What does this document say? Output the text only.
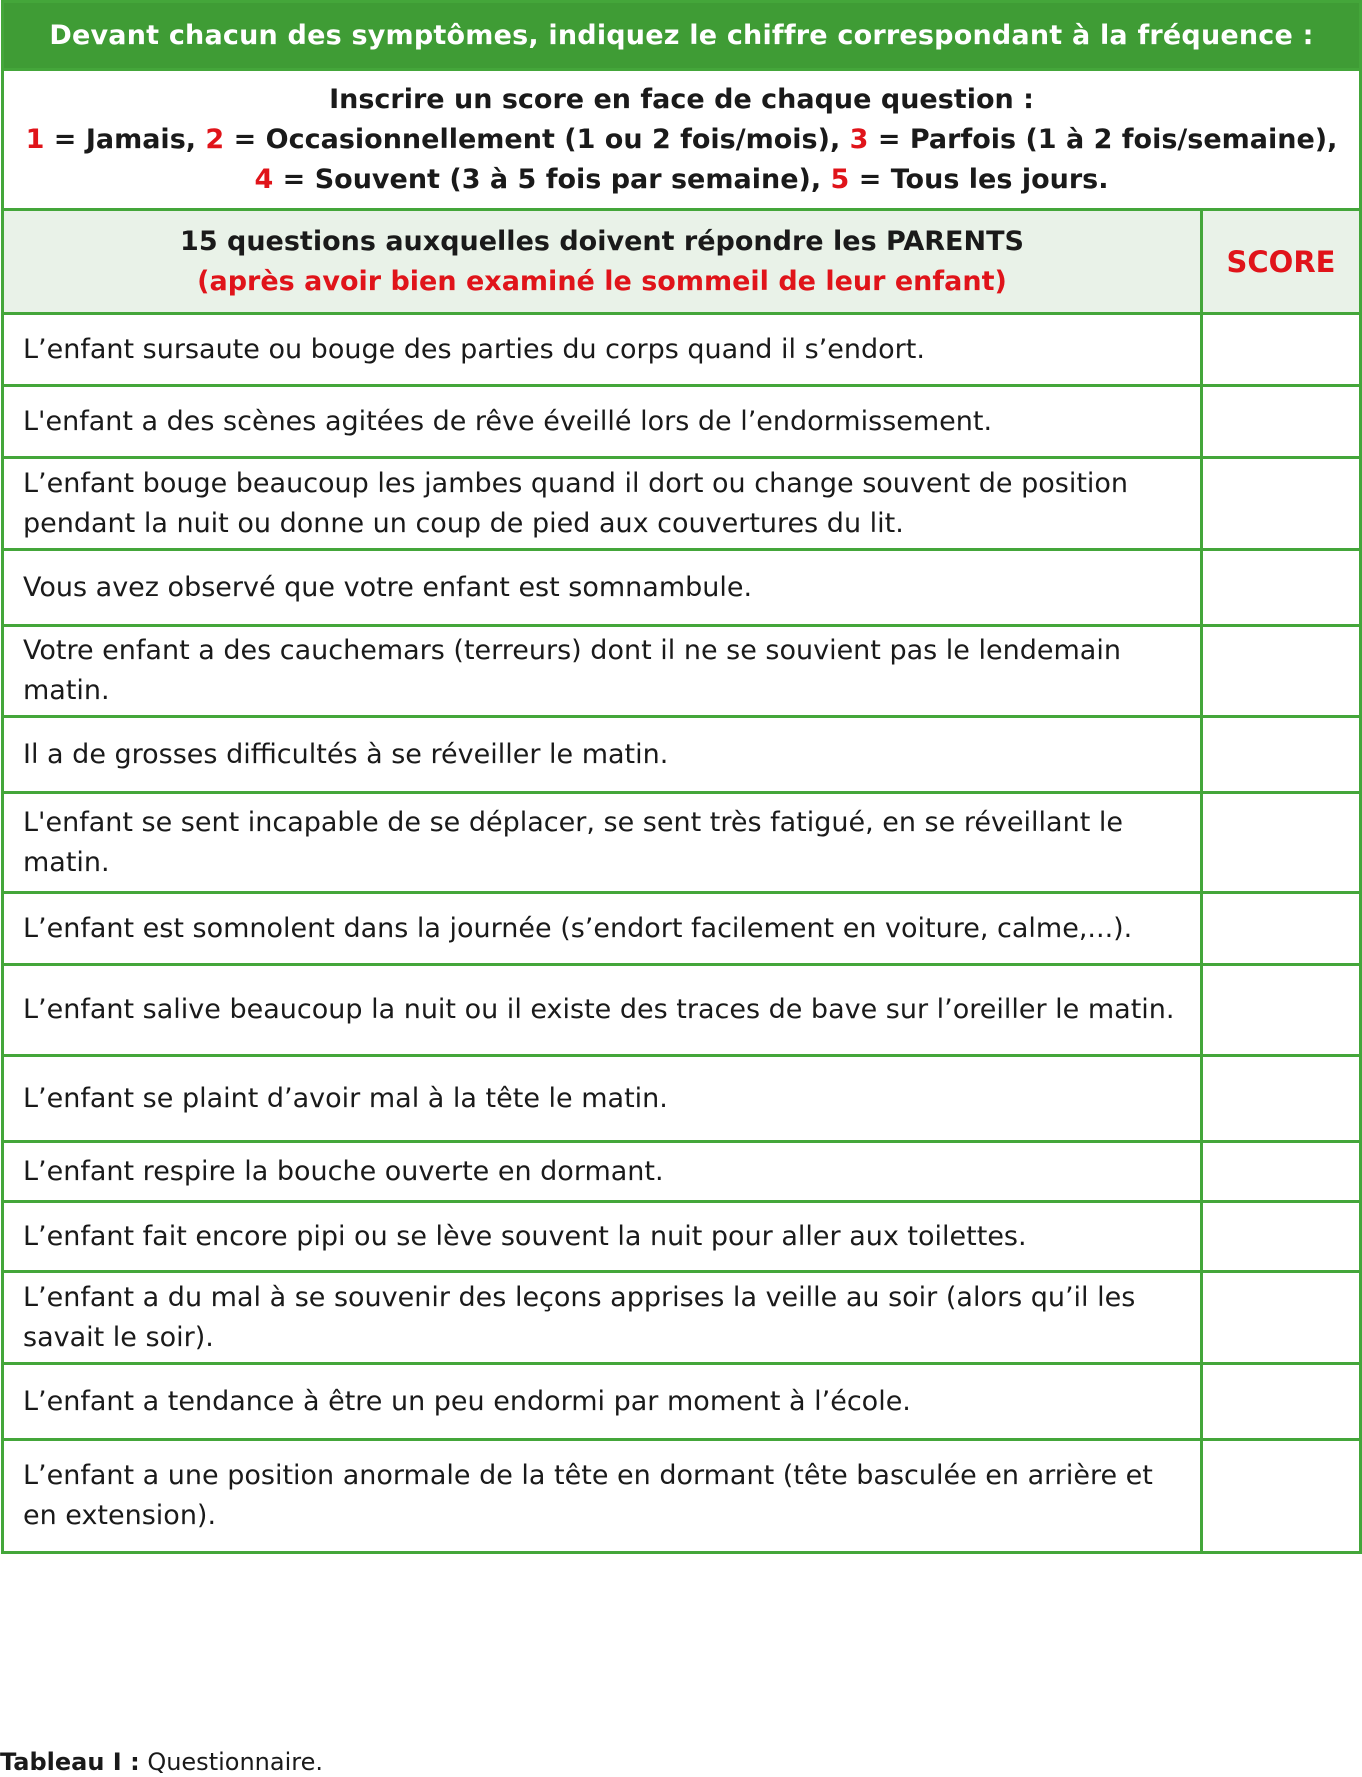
Devant chacun des symptômes, indiquez le chiffre correspondant à la fréquence :	

Inscrire un score en face de chaque question :
1 = Jamais, 2 = Occasionnellement (1 ou 2 fois/mois), 3 = Parfois (1 à 2 fois/semaine),
4 = Souvent (3 à 5 fois par semaine), 5 = Tous les jours.	

15 questions auxquelles doivent répondre les PARENTS
(après avoir bien examiné le sommeil de leur enfant)	SCORE
L’enfant sursaute ou bouge des parties du corps quand il s’endort.	
L'enfant a des scènes agitées de rêve éveillé lors de l’endormissement.	
L’enfant bouge beaucoup les jambes quand il dort ou change souvent de position pendant la nuit ou donne un coup de pied aux couvertures du lit.	
Vous avez observé que votre enfant est somnambule.	
Votre enfant a des cauchemars (terreurs) dont il ne se souvient pas le lendemain matin.	
Il a de grosses difficultés à se réveiller le matin.	
L'enfant se sent incapable de se déplacer, se sent très fatigué, en se réveillant le matin.	
L’enfant est somnolent dans la journée (s’endort facilement en voiture, calme,...).	
L’enfant salive beaucoup la nuit ou il existe des traces de bave sur l’oreiller le matin.	
L’enfant se plaint d’avoir mal à la tête le matin.	
L’enfant respire la bouche ouverte en dormant.	
L’enfant fait encore pipi ou se lève souvent la nuit pour aller aux toilettes.	
L’enfant a du mal à se souvenir des leçons apprises la veille au soir (alors qu’il les savait le soir).	
L’enfant a tendance à être un peu endormi par moment à l’école.	
L’enfant a une position anormale de la tête en dormant (tête basculée en arrière et en extension).	
Tableau I : Questionnaire.
